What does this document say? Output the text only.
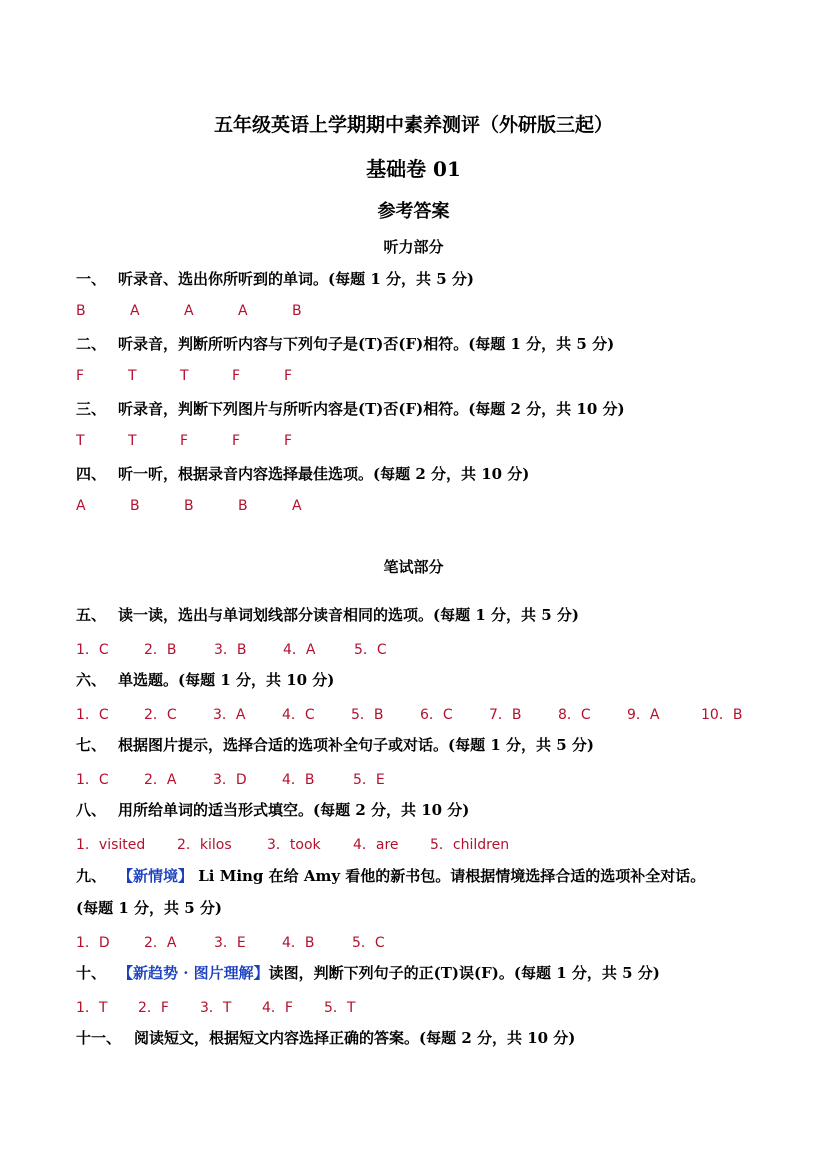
五年级英语上学期期中素养测评（外研版三起）
基础卷 01
参考答案
听力部分
一、 听录音、选出你所听到的单词。(每题 1 分，共 5 分)
B	A	A	A	B
二、 听录音，判断所听内容与下列句子是(T)否(F)相符。(每题 1 分，共 5 分)
F	T	T	F	F
三、 听录音，判断下列图片与所听内容是(T)否(F)相符。(每题 2 分，共 10 分)
T	T	F	F	F
四、 听一听，根据录音内容选择最佳选项。(每题 2 分，共 10 分)
A	B	B	B	A
笔试部分
五、 读一读，选出与单词划线部分读音相同的选项。(每题 1 分，共 5 分)
1．C	2．B	3．B	4．A	5．C
六、 单选题。(每题 1 分，共 10 分)
1．C	2．C	3．A	4．C	5．B	6．C	7．B	8．C	9．A	10．B
七、 根据图片提示，选择合适的选项补全句子或对话。(每题 1 分，共 5 分)
1．C	2．A	3．D	4．B	5．E
八、 用所给单词的适当形式填空。(每题 2 分，共 10 分)
1．visited 2．kilos	3．took 4．are 5．children
九、 【新情境】 Li Ming 在给 Amy 看他的新书包。请根据情境选择合适的选项补全对话。
(每题 1 分，共 5 分)
1．D 2．A	3．E	4．B	5．C
十、 【新趋势 · 图片理解】读图，判断下列句子的正(T)误(F)。(每题 1 分，共 5 分)
1．T 2．F 3．T 4．F 5．T
十一、 阅读短文，根据短文内容选择正确的答案。(每题 2 分，共 10 分)
